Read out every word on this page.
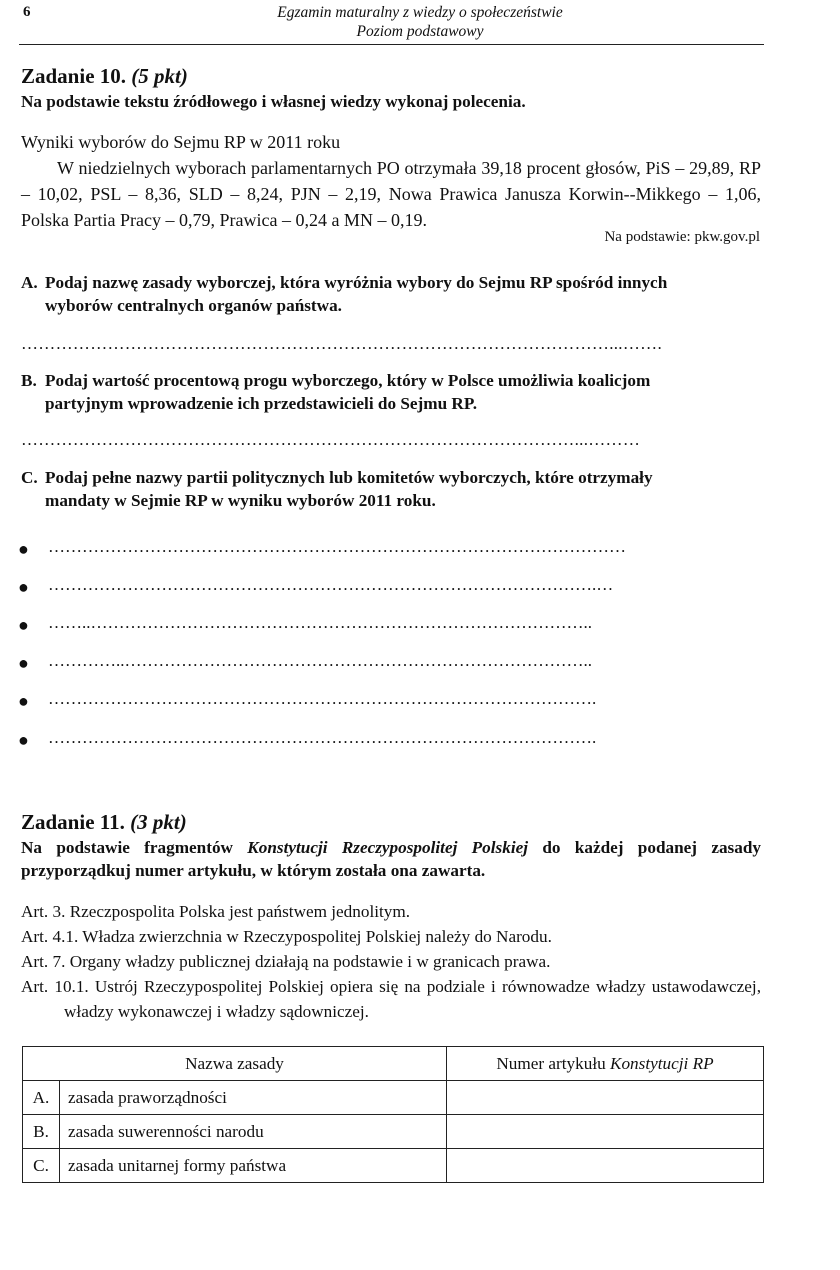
6	Egzamin maturalny z wiedzy o społeczeństwie
Poziom podstawowy
Zadanie 10. (5 pkt)
Na podstawie tekstu źródłowego i własnej wiedzy wykonaj polecenia.

Wyniki wyborów do Sejmu RP w 2011 roku

W niedzielnych wyborach parlamentarnych PO otrzymała 39,18 procent głosów, PiS – 29,89, RP – 10,02, PSL – 8,36, SLD – 8,24, PJN – 2,19, Nowa Prawica Janusza Korwin--Mikkego – 1,06, Polska Partia Pracy – 0,79, Prawica – 0,24 a MN – 0,19.

Na podstawie: pkw.gov.pl
A. Podaj nazwę zasady wyborczej, która wyróżnia wybory do Sejmu RP spośród innych
wyborów centralnych organów państwa.
…………………………………………………………………………………………...…….
B. Podaj wartość procentową progu wyborczego, który w Polsce umożliwia koalicjom
partyjnym wprowadzenie ich przedstawicieli do Sejmu RP.
……………………………………………………………………………………...………
C. Podaj pełne nazwy partii politycznych lub komitetów wyborczych, które otrzymały
mandaty w Sejmie RP w wyniku wyborów 2011 roku.
● …………………………………………………………………………………………
● …………………………………………………………………………………….…
● ……..……………………………………………………………………………..
● …………..………………………………………………………………………..
● …………………………………………………………………………………….
● …………………………………………………………………………………….
Zadanie 11. (3 pkt)
Na podstawie fragmentów Konstytucji Rzeczypospolitej Polskiej do każdej podanej zasady przyporządkuj numer artykułu, w którym została ona zawarta.

Art. 3. Rzeczpospolita Polska jest państwem jednolitym.

Art. 4.1. Władza zwierzchnia w Rzeczypospolitej Polskiej należy do Narodu.

Art. 7. Organy władzy publicznej działają na podstawie i w granicach prawa.

Art. 10.1. Ustrój Rzeczypospolitej Polskiej opiera się na podziale i równowadze władzy ustawodawczej, władzy wykonawczej i władzy sądowniczej.

Nazwa zasady		Numer artykułu Konstytucji RP
A.	zasada praworządności	
B.	zasada suwerenności narodu	
C.	zasada unitarnej formy państwa	
